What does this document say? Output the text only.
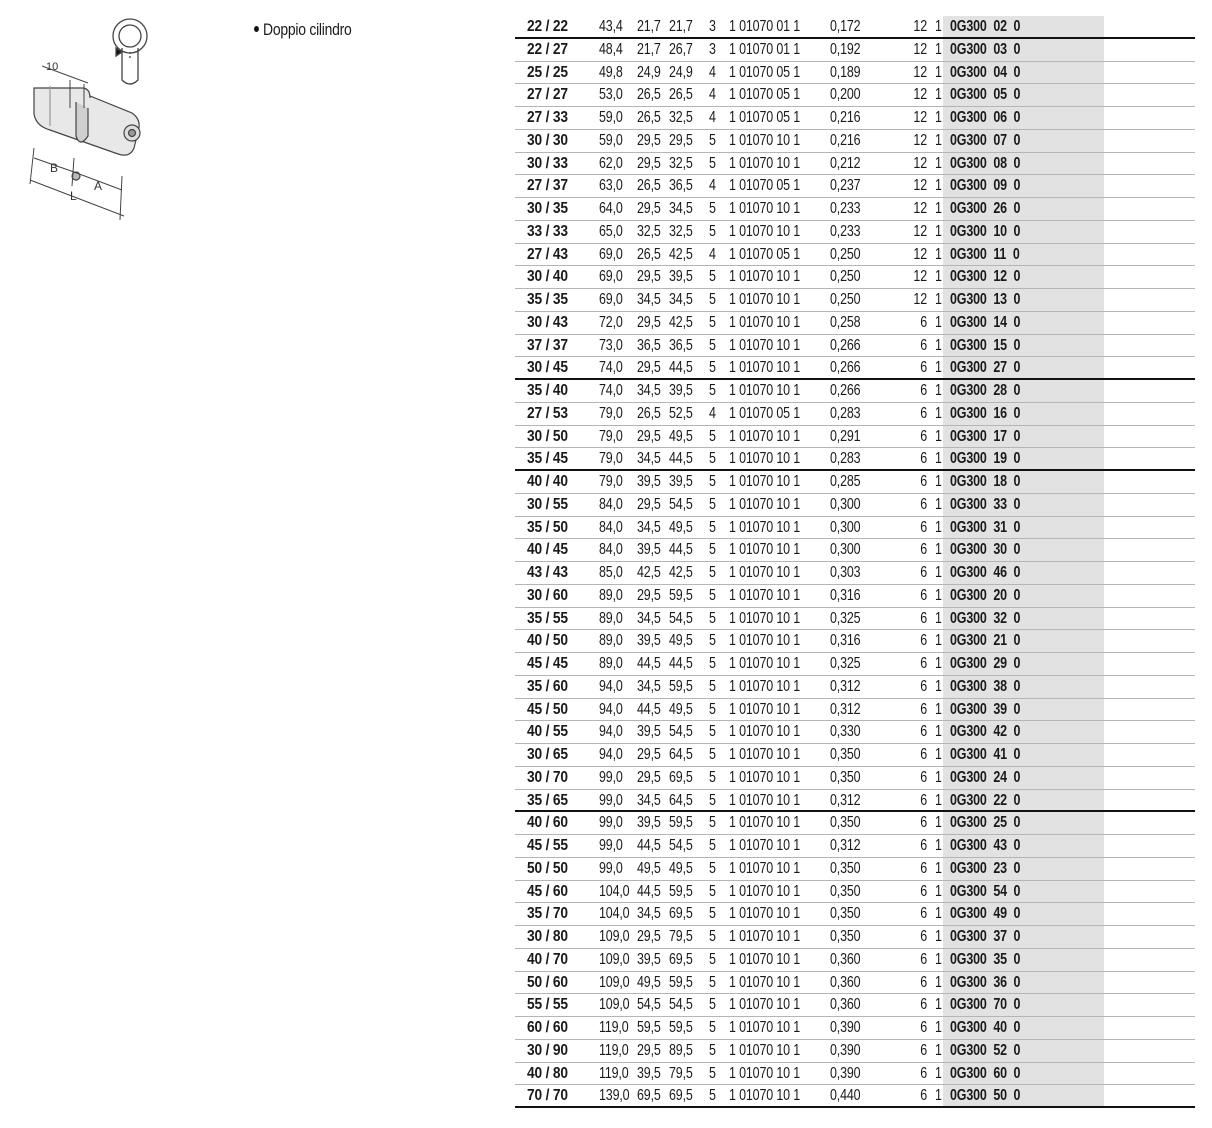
10
B
A
L
Doppio cilindro	22 / 22 43,4 21,7 21,7 3 1 01070 01 1 0,172	12 1 0G300  02  0
22 / 27 48,4 21,7 26,7 3 1 01070 01 1 0,192	12 1 0G300  03  0
25 / 25 49,8 24,9 24,9 4 1 01070 05 1 0,189	12 1 0G300  04  0
27 / 27 53,0 26,5 26,5 4 1 01070 05 1 0,200	12 1 0G300  05  0
27 / 33 59,0 26,5 32,5 4 1 01070 05 1 0,216	12 1 0G300  06  0
30 / 30 59,0 29,5 29,5 5 1 01070 10 1 0,216	12 1 0G300  07  0
30 / 33 62,0 29,5 32,5 5 1 01070 10 1 0,212	12 1 0G300  08  0
27 / 37 63,0 26,5 36,5 4 1 01070 05 1 0,237	12 1 0G300  09  0
30 / 35 64,0 29,5 34,5 5 1 01070 10 1 0,233	12 1 0G300  26  0
33 / 33 65,0 32,5 32,5 5 1 01070 10 1 0,233	12 1 0G300  10  0
27 / 43 69,0 26,5 42,5 4 1 01070 05 1 0,250	12 1 0G300  11  0
30 / 40 69,0 29,5 39,5 5 1 01070 10 1 0,250	12 1 0G300  12  0
35 / 35 69,0 34,5 34,5 5 1 01070 10 1 0,250	12 1 0G300  13  0
30 / 43 72,0 29,5 42,5 5 1 01070 10 1 0,258	6 1 0G300  14  0
37 / 37 73,0 36,5 36,5 5 1 01070 10 1 0,266	6 1 0G300  15  0
30 / 45 74,0 29,5 44,5 5 1 01070 10 1 0,266	6 1 0G300  27  0
35 / 40 74,0 34,5 39,5 5 1 01070 10 1 0,266	6 1 0G300  28  0
27 / 53 79,0 26,5 52,5 4 1 01070 05 1 0,283	6 1 0G300  16  0
30 / 50 79,0 29,5 49,5 5 1 01070 10 1 0,291	6 1 0G300  17  0
35 / 45 79,0 34,5 44,5 5 1 01070 10 1 0,283	6 1 0G300  19  0
40 / 40 79,0 39,5 39,5 5 1 01070 10 1 0,285	6 1 0G300  18  0
30 / 55 84,0 29,5 54,5 5 1 01070 10 1 0,300	6 1 0G300  33  0
35 / 50 84,0 34,5 49,5 5 1 01070 10 1 0,300	6 1 0G300  31  0
40 / 45 84,0 39,5 44,5 5 1 01070 10 1 0,300	6 1 0G300  30  0
43 / 43 85,0 42,5 42,5 5 1 01070 10 1 0,303	6 1 0G300  46  0
30 / 60 89,0 29,5 59,5 5 1 01070 10 1 0,316	6 1 0G300  20  0
35 / 55 89,0 34,5 54,5 5 1 01070 10 1 0,325	6 1 0G300  32  0
40 / 50 89,0 39,5 49,5 5 1 01070 10 1 0,316	6 1 0G300  21  0
45 / 45 89,0 44,5 44,5 5 1 01070 10 1 0,325	6 1 0G300  29  0
35 / 60 94,0 34,5 59,5 5 1 01070 10 1 0,312	6 1 0G300  38  0
45 / 50 94,0 44,5 49,5 5 1 01070 10 1 0,312	6 1 0G300  39  0
40 / 55 94,0 39,5 54,5 5 1 01070 10 1 0,330	6 1 0G300  42  0
30 / 65 94,0 29,5 64,5 5 1 01070 10 1 0,350	6 1 0G300  41  0
30 / 70 99,0 29,5 69,5 5 1 01070 10 1 0,350	6 1 0G300  24  0
35 / 65 99,0 34,5 64,5 5 1 01070 10 1 0,312	6 1 0G300  22  0
40 / 60 99,0 39,5 59,5 5 1 01070 10 1 0,350	6 1 0G300  25  0
45 / 55 99,0 44,5 54,5 5 1 01070 10 1 0,312	6 1 0G300  43  0
50 / 50 99,0 49,5 49,5 5 1 01070 10 1 0,350	6 1 0G300  23  0
45 / 60 104,0 44,5 59,5 5 1 01070 10 1 0,350	6 1 0G300  54  0
35 / 70 104,0 34,5 69,5 5 1 01070 10 1 0,350	6 1 0G300  49  0
30 / 80 109,0 29,5 79,5 5 1 01070 10 1 0,350	6 1 0G300  37  0
40 / 70 109,0 39,5 69,5 5 1 01070 10 1 0,360	6 1 0G300  35  0
50 / 60 109,0 49,5 59,5 5 1 01070 10 1 0,360	6 1 0G300  36  0
55 / 55 109,0 54,5 54,5 5 1 01070 10 1 0,360	6 1 0G300  70  0
60 / 60 119,0 59,5 59,5 5 1 01070 10 1 0,390	6 1 0G300  40  0
30 / 90 119,0 29,5 89,5 5 1 01070 10 1 0,390	6 1 0G300  52  0
40 / 80 119,0 39,5 79,5 5 1 01070 10 1 0,390	6 1 0G300  60  0
70 / 70 139,0 69,5 69,5 5 1 01070 10 1 0,440	6 1 0G300  50  0
